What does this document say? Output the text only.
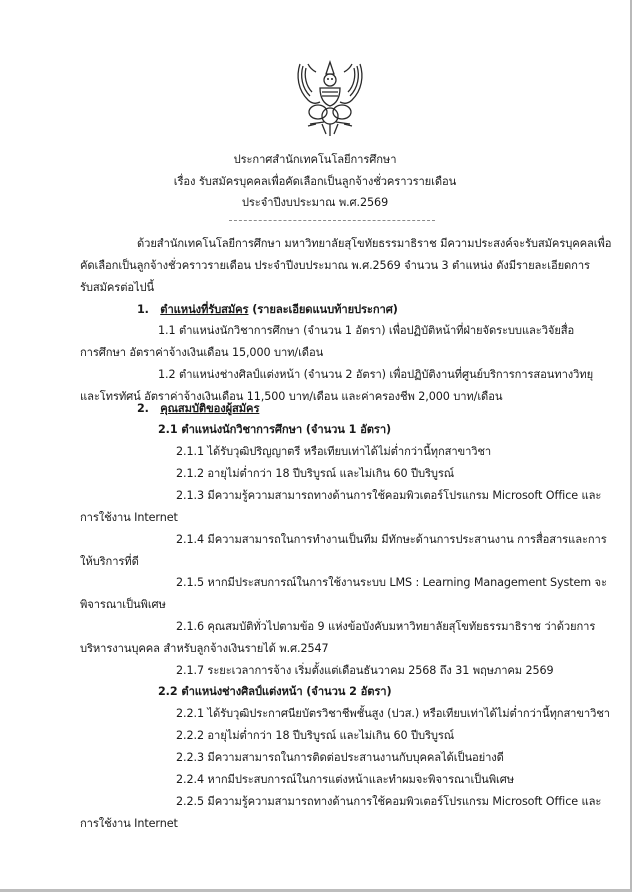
ประกาศสำนักเทคโนโลยีการศึกษา
เรื่อง รับสมัครบุคคลเพื่อคัดเลือกเป็นลูกจ้างชั่วคราวรายเดือน
ประจำปีงบประมาณ พ.ศ.2569
ด้วยสำนักเทคโนโลยีการศึกษา มหาวิทยาลัยสุโขทัยธรรมาธิราช มีความประสงค์จะรับสมัครบุคคลเพื่อ
คัดเลือกเป็นลูกจ้างชั่วคราวรายเดือน ประจำปีงบประมาณ พ.ศ.2569 จำนวน 3 ตำแหน่ง ดังมีรายละเอียดการ
รับสมัครต่อไปนี้
1. ตำแหน่งที่รับสมัคร (รายละเอียดแนบท้ายประกาศ)
1.1 ตำแหน่งนักวิชาการศึกษา (จำนวน 1 อัตรา) เพื่อปฏิบัติหน้าที่ฝ่ายจัดระบบและวิจัยสื่อ
การศึกษา อัตราค่าจ้างเงินเดือน 15,000 บาท/เดือน
1.2 ตำแหน่งช่างศิลป์แต่งหน้า (จำนวน 2 อัตรา) เพื่อปฏิบัติงานที่ศูนย์บริการการสอนทางวิทยุ
และโทรทัศน์ อัตราค่าจ้างเงินเดือน 11,500 บาท/เดือน และค่าครองชีพ 2,000 บาท/เดือน
2. คุณสมบัติของผู้สมัคร
2.1 ตำแหน่งนักวิชาการศึกษา (จำนวน 1 อัตรา)
2.1.1 ได้รับวุฒิปริญญาตรี หรือเทียบเท่าได้ไม่ต่ำกว่านี้ทุกสาขาวิชา
2.1.2 อายุไม่ต่ำกว่า 18 ปีบริบูรณ์ และไม่เกิน 60 ปีบริบูรณ์
2.1.3 มีความรู้ความสามารถทางด้านการใช้คอมพิวเตอร์โปรแกรม Microsoft Office และ
การใช้งาน Internet
2.1.4 มีความสามารถในการทำงานเป็นทีม มีทักษะด้านการประสานงาน การสื่อสารและการ
ให้บริการที่ดี
2.1.5 หากมีประสบการณ์ในการใช้งานระบบ LMS : Learning Management System จะ
พิจารณาเป็นพิเศษ
2.1.6 คุณสมบัติทั่วไปตามข้อ 9 แห่งข้อบังคับมหาวิทยาลัยสุโขทัยธรรมาธิราช ว่าด้วยการ
บริหารงานบุคคล สำหรับลูกจ้างเงินรายได้ พ.ศ.2547
2.1.7 ระยะเวลาการจ้าง เริ่มตั้งแต่เดือนธันวาคม 2568 ถึง 31 พฤษภาคม 2569
2.2 ตำแหน่งช่างศิลป์แต่งหน้า (จำนวน 2 อัตรา)
2.2.1 ได้รับวุฒิประกาศนียบัตรวิชาชีพชั้นสูง (ปวส.) หรือเทียบเท่าได้ไม่ต่ำกว่านี้ทุกสาขาวิชา
2.2.2 อายุไม่ต่ำกว่า 18 ปีบริบูรณ์ และไม่เกิน 60 ปีบริบูรณ์
2.2.3 มีความสามารถในการติดต่อประสานงานกับบุคคลได้เป็นอย่างดี
2.2.4 หากมีประสบการณ์ในการแต่งหน้าและทำผมจะพิจารณาเป็นพิเศษ
2.2.5 มีความรู้ความสามารถทางด้านการใช้คอมพิวเตอร์โปรแกรม Microsoft Office และ
การใช้งาน Internet
